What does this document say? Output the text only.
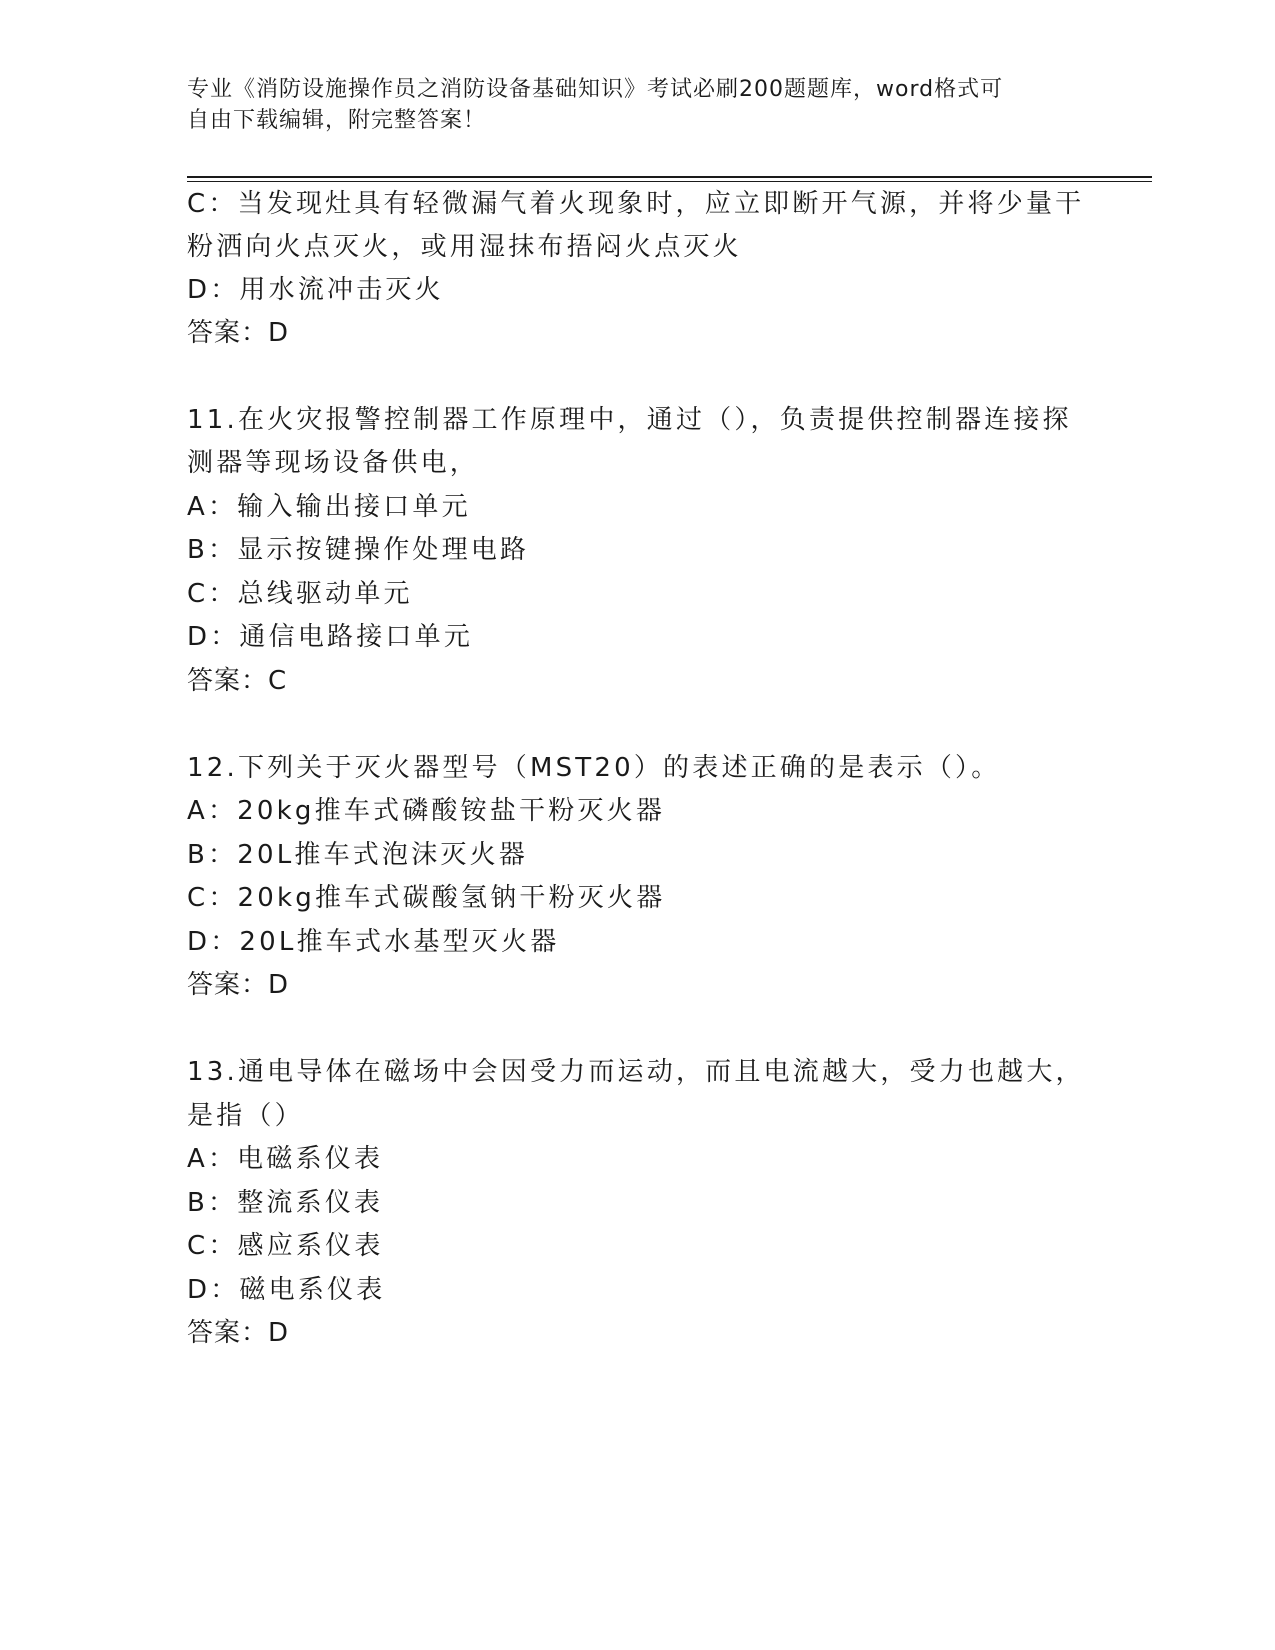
专业《消防设施操作员之消防设备基础知识》考试必刷200题题库，word格式可
自由下载编辑，附完整答案！
C：当发现灶具有轻微漏气着火现象时，应立即断开气源，并将少量干
粉洒向火点灭火，或用湿抹布捂闷火点灭火
D：用水流冲击灭火
答案：D
11.在火灾报警控制器工作原理中，通过（），负责提供控制器连接探
测器等现场设备供电，
A：输入输出接口单元
B：显示按键操作处理电路
C：总线驱动单元
D：通信电路接口单元
答案：C
12.下列关于灭火器型号（MST20）的表述正确的是表示（）。
A：20kg推车式磷酸铵盐干粉灭火器
B：20L推车式泡沫灭火器
C：20kg推车式碳酸氢钠干粉灭火器
D：20L推车式水基型灭火器
答案：D
13.通电导体在磁场中会因受力而运动，而且电流越大，受力也越大，
是指（）
A：电磁系仪表
B：整流系仪表
C：感应系仪表
D：磁电系仪表
答案：D
